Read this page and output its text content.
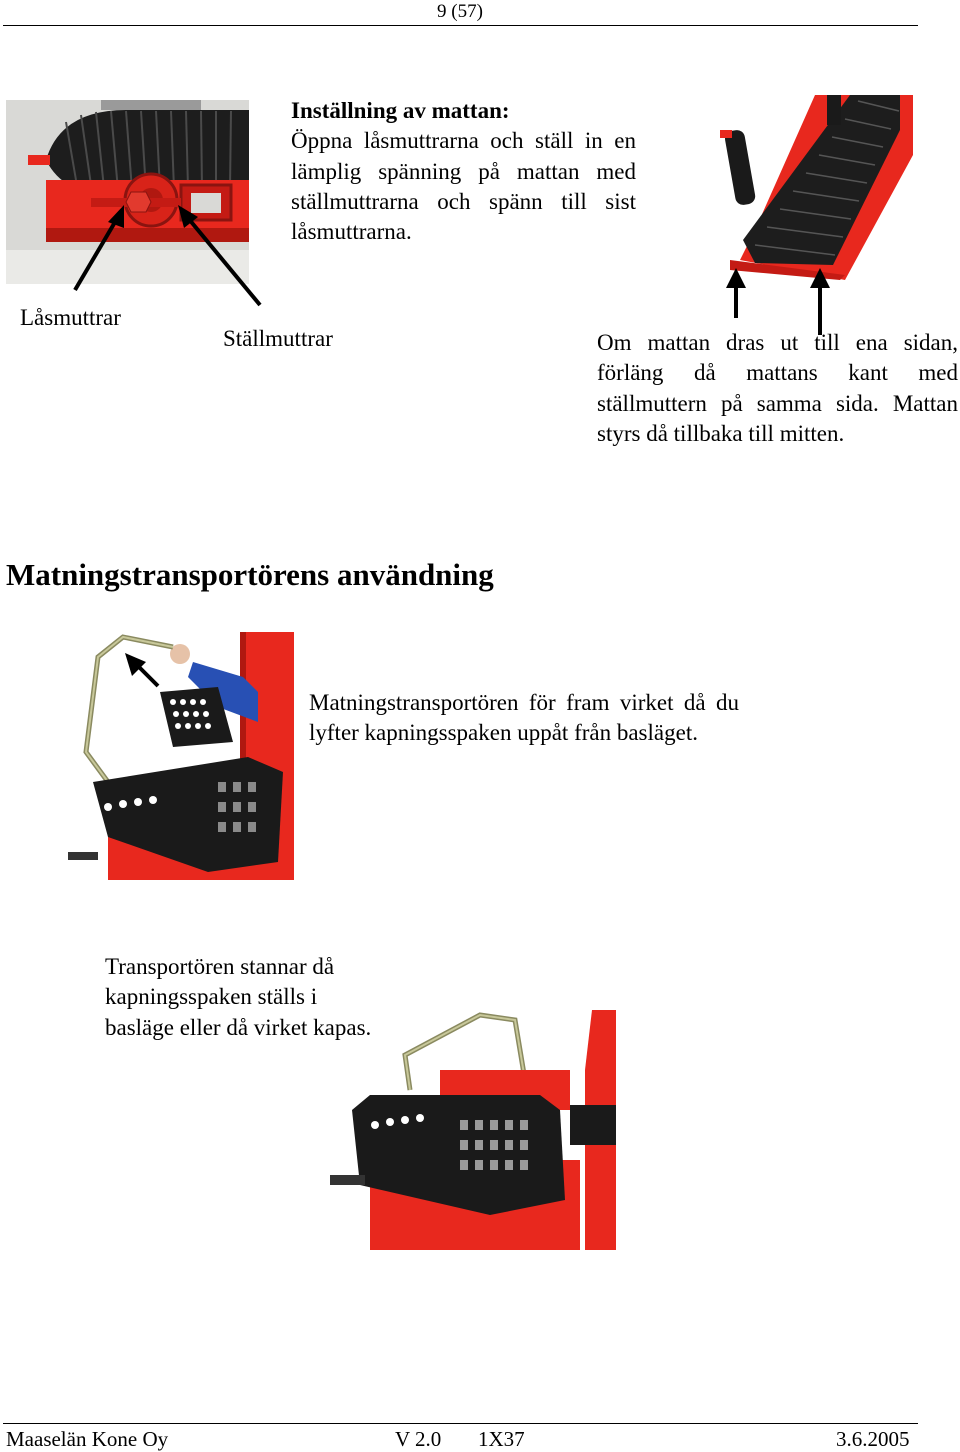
9 (57)
Inställning av mattan:
Öppna låsmuttrarna och ställ in en lämplig spänning på mattan med ställmuttrarna och spänn till sist låsmuttrarna.
Låsmuttrar
Ställmuttrar	Om mattan dras ut till ena sidan, förläng då mattans kant med ställmuttern på samma sida. Mattan styrs då tillbaka till mitten.
Matningstransportörens användning
Matningstransportören för fram virket då du lyfter kapningsspaken uppåt från basläget.
Transportören stannar då kapningsspaken ställs i basläge eller då virket kapas.
Maaselän Kone Oy	V 2.0 1X37	3.6.2005
